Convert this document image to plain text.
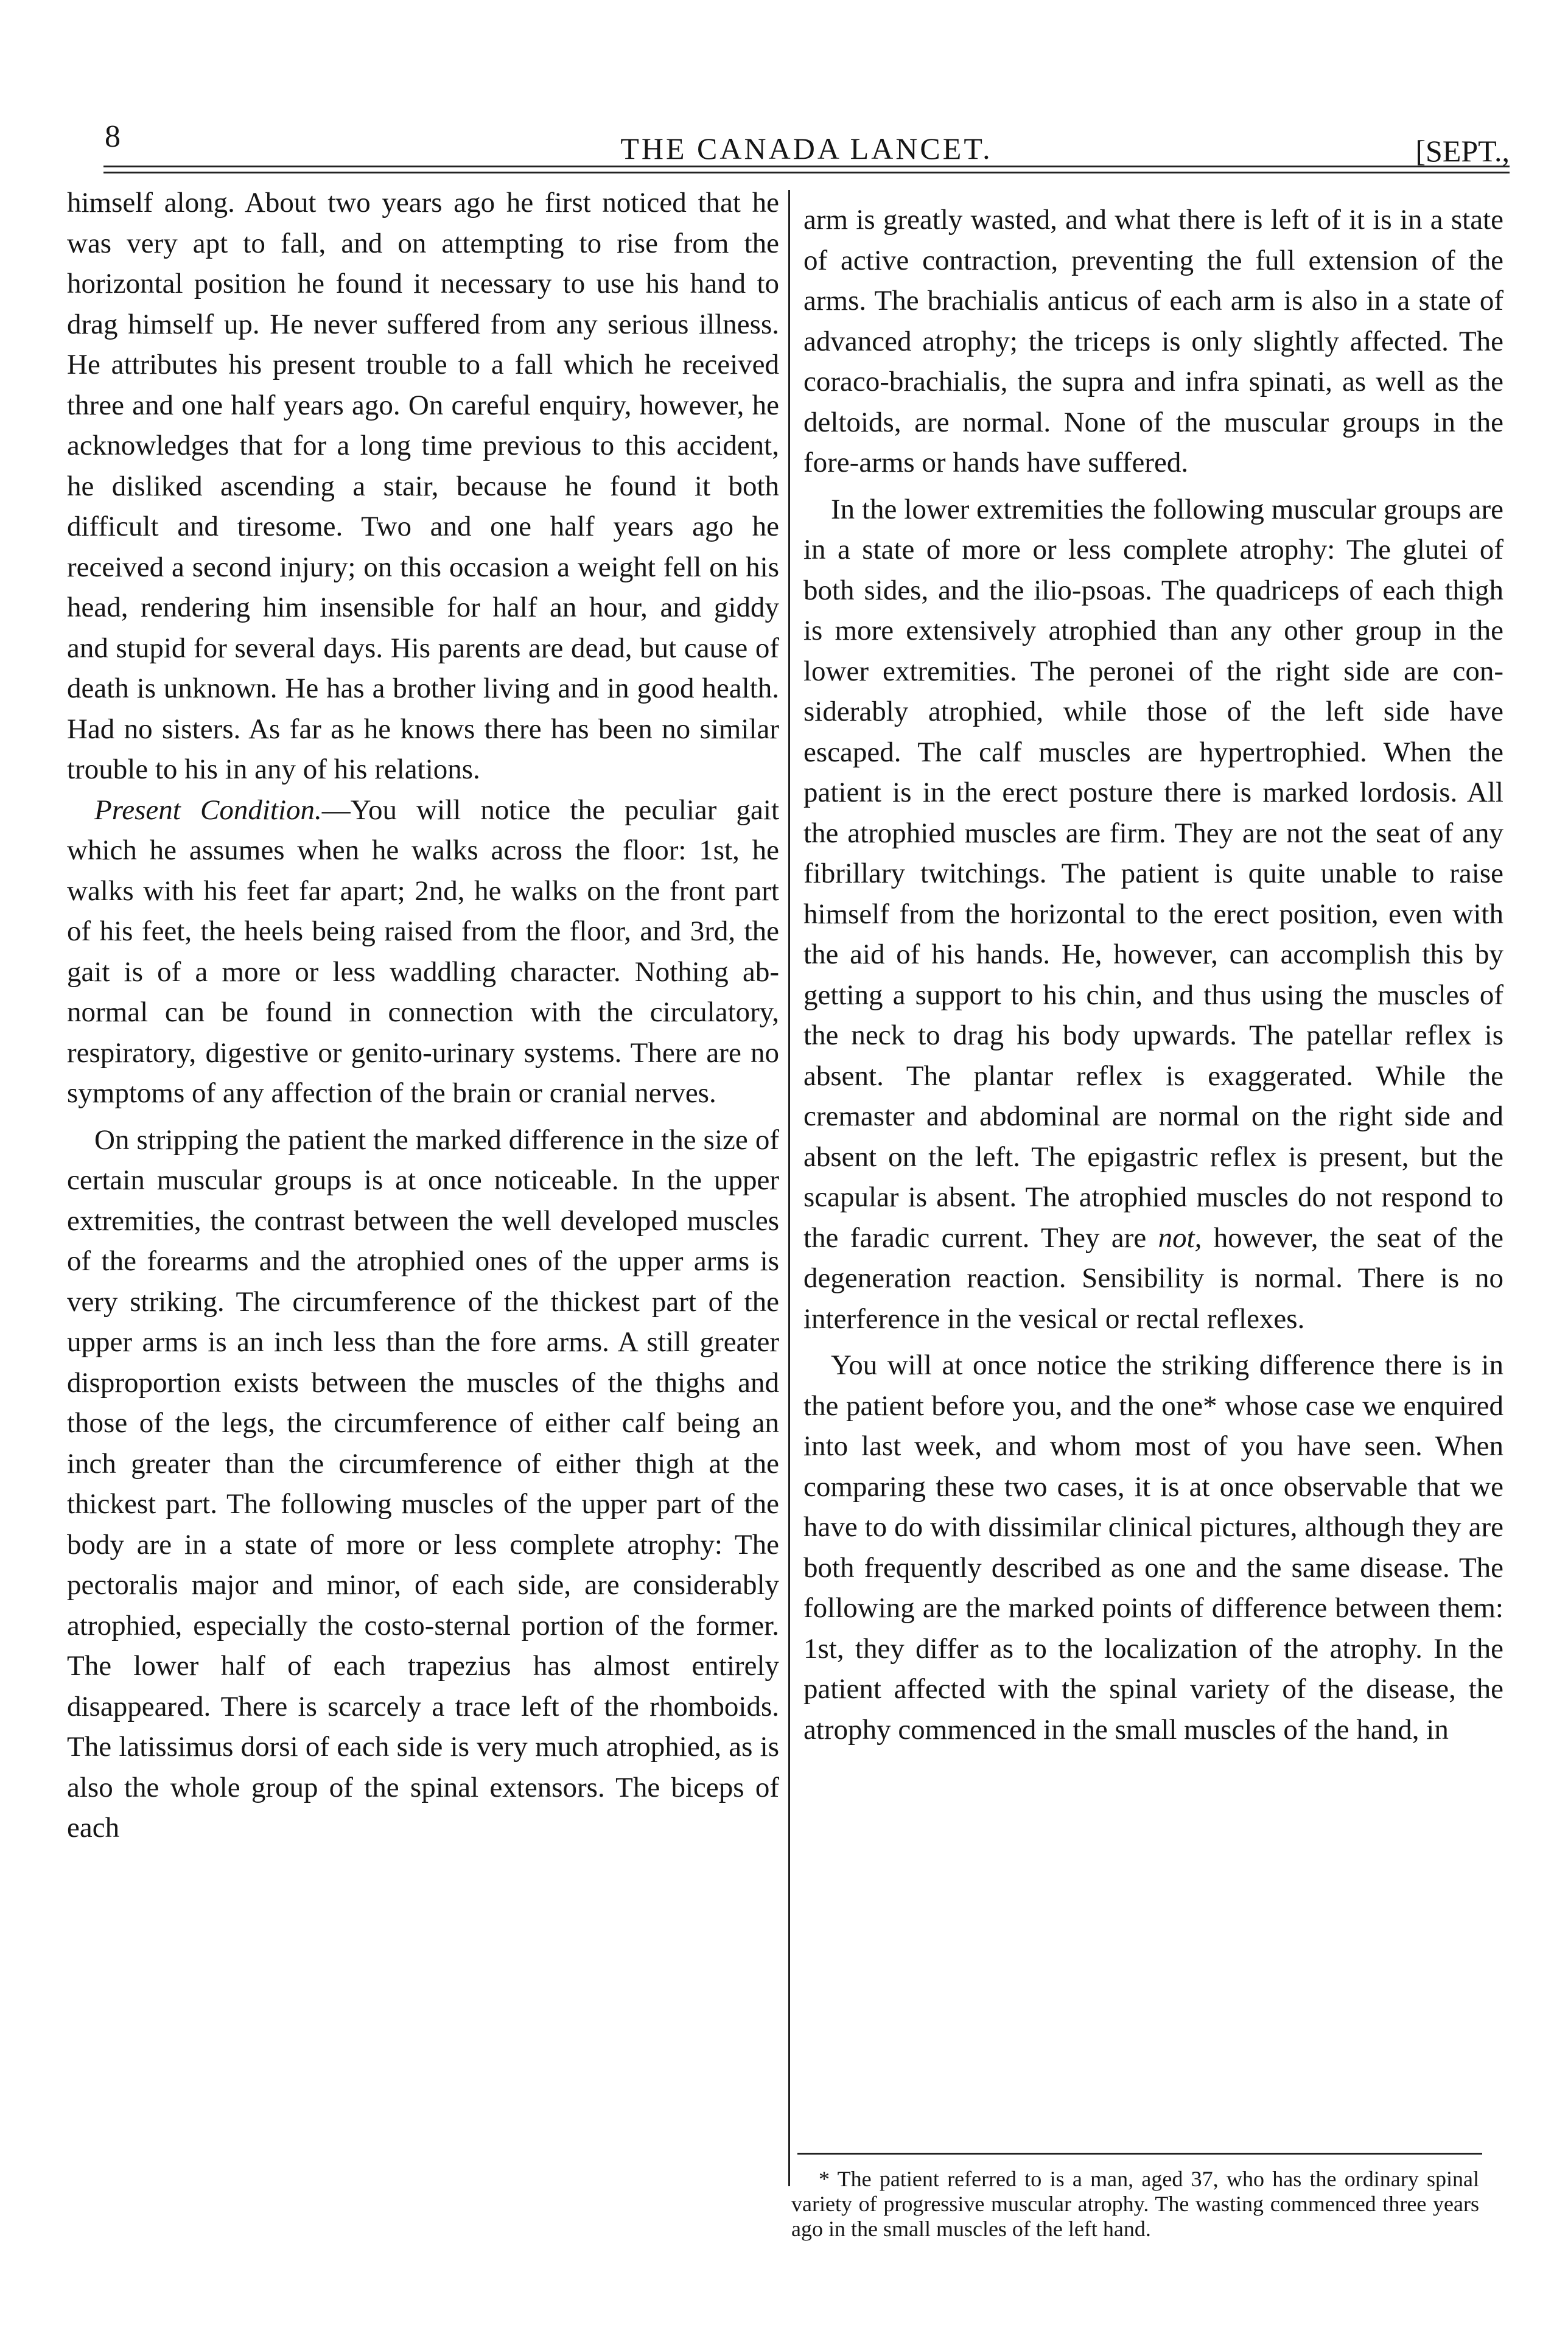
8	THE CANADA LANCET.	[SEPT.,

himself along. About two years ago he first noticed that he was very apt to fall, and on attempting to rise from the horizontal position he found it necessary to use his hand to drag himself up. He never suffered from any serious illness. He attributes his present trouble to a fall which he received three and one half years ago. On careful enquiry, however, he acknowledges that for a long time previous to this accident, he disliked ascending a stair, because he found it both difficult and tiresome. Two and one half years ago he received a second injury; on this occasion a weight fell on his head, rendering him insensible for half an hour, and giddy and stupid for several days. His parents are dead, but cause of death is unknown. He has a brother living and in good health. Had no sisters. As far as he knows there has been no similar trouble to his in any of his relations.

Present Condition.—You will notice the peculiar gait which he assumes when he walks across the floor: 1st, he walks with his feet far apart; 2nd, he walks on the front part of his feet, the heels being raised from the floor, and 3rd, the gait is of a more or less waddling character. Nothing abnormal can be found in connection with the circulatory, respiratory, digestive or genito-urinary systems. There are no symptoms of any affection of the brain or cranial nerves.

On stripping the patient the marked difference in the size of certain muscular groups is at once noticeable. In the upper extremities, the contrast between the well developed muscles of the forearms and the atrophied ones of the upper arms is very striking. The circumference of the thickest part of the upper arms is an inch less than the fore arms. A still greater disproportion exists between the muscles of the thighs and those of the legs, the circumference of either calf being an inch greater than the circumference of either thigh at the thickest part. The following muscles of the upper part of the body are in a state of more or less complete atrophy: The pectoralis major and minor, of each side, are considerably atrophied, especially the costo-sternal portion of the former. The lower half of each trapezius has almost entirely disappeared. There is scarcely a trace left of the rhomboids. The latissimus dorsi of each side is very much atrophied, as is also the whole group of the spinal extensors. The biceps of each

arm is greatly wasted, and what there is left of it is in a state of active contraction, preventing the full extension of the arms. The brachialis anticus of each arm is also in a state of advanced atrophy; the triceps is only slightly affected. The coraco-brachialis, the supra and infra spinati, as well as the deltoids, are normal. None of the muscular groups in the fore-arms or hands have suffered.

In the lower extremities the following muscular groups are in a state of more or less complete atrophy: The glutei of both sides, and the ilio-psoas. The quadriceps of each thigh is more extensively atrophied than any other group in the lower extremities. The peronei of the right side are considerably atrophied, while those of the left side have escaped. The calf muscles are hypertrophied. When the patient is in the erect posture there is marked lordosis. All the atrophied muscles are firm. They are not the seat of any fibrillary twitchings. The patient is quite unable to raise himself from the horizontal to the erect position, even with the aid of his hands. He, however, can accomplish this by getting a support to his chin, and thus using the muscles of the neck to drag his body upwards. The patellar reflex is absent. The plantar reflex is exaggerated. While the cremaster and abdominal are normal on the right side and absent on the left. The epigastric reflex is present, but the scapular is absent. The atrophied muscles do not respond to the faradic current. They are not, however, the seat of the degeneration reaction. Sensibility is normal. There is no interference in the vesical or rectal reflexes.

You will at once notice the striking difference there is in the patient before you, and the one* whose case we enquired into last week, and whom most of you have seen. When comparing these two cases, it is at once observable that we have to do with dissimilar clinical pictures, although they are both frequently described as one and the same disease. The following are the marked points of difference between them: 1st, they differ as to the localization of the atrophy. In the patient affected with the spinal variety of the disease, the atrophy commenced in the small muscles of the hand, in

* The patient referred to is a man, aged 37, who has the ordinary spinal variety of progressive muscular atrophy. The wasting commenced three years ago in the small muscles of the left hand.
